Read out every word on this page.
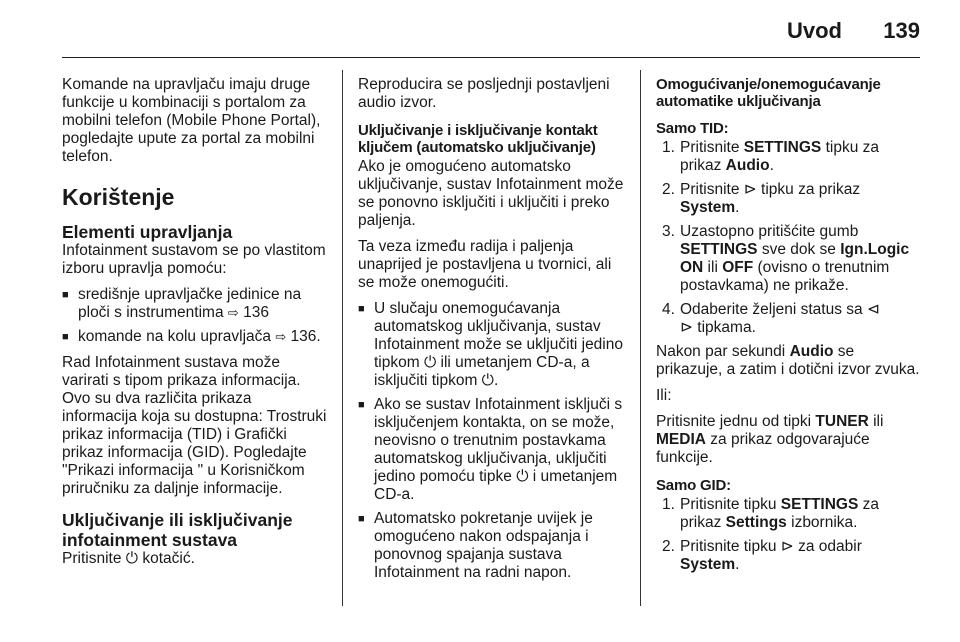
Uvod 139

Komande na upravljaču imaju druge funkcije u kombinaciji s portalom za mobilni telefon (Mobile Phone Portal), pogledajte upute za portal za mobilni telefon.

Korištenje
Elementi upravljanja

Infotainment sustavom se po vlastitom izboru upravlja pomoću:

■ središnje upravljačke jedinice na ploči s instrumentima ⇨ 136
■ komande na kolu upravljača ⇨ 136.

Rad Infotainment sustava može varirati s tipom prikaza informacija. Ovo su dva različita prikaza informacija koja su dostupna: Trostruki prikaz informacija (TID) i Grafički prikaz informacija (GID). Pogledajte "Prikazi informacija " u Korisničkom priručniku za daljnje informacije.

Uključivanje ili isključivanje infotainment sustava

Pritisnite ⏻ kotačić.

Reproducira se posljednji postavljeni audio izvor.

Uključivanje i isključivanje kontakt ključem (automatsko uključivanje)

Ako je omogućeno automatsko uključivanje, sustav Infotainment može se ponovno isključiti i uključiti i preko paljenja.

Ta veza između radija i paljenja unaprijed je postavljena u tvornici, ali se može onemogućiti.

■ U slučaju onemogućavanja automatskog uključivanja, sustav Infotainment može se uključiti jedino tipkom ⏻ ili umetanjem CD-a, a isključiti tipkom ⏻.
■ Ako se sustav Infotainment isključi s isključenjem kontakta, on se može, neovisno o trenutnim postavkama automatskog uključivanja, uključiti jedino pomoću tipke ⏻ i umetanjem CD-a.
■ Automatsko pokretanje uvijek je omogućeno nakon odspajanja i ponovnog spajanja sustava Infotainment na radni napon.
Omogućivanje/onemogućavanje automatike uključivanja
Samo TID:
1. Pritisnite SETTINGS tipku za prikaz Audio.
2. Pritisnite ⊳ tipku za prikaz System.
3. Uzastopno pritišćite gumb SETTINGS sve dok se Ign.Logic ON ili OFF (ovisno o trenutnim postavkama) ne prikaže.
4. Odaberite željeni status sa ⊲
⊳ tipkama.

Nakon par sekundi Audio se prikazuje, a zatim i dotični izvor zvuka.

Ili:

Pritisnite jednu od tipki TUNER ili MEDIA za prikaz odgovarajuće funkcije.

Samo GID:
1. Pritisnite tipku SETTINGS za prikaz Settings izbornika.
2. Pritisnite tipku ⊳ za odabir System.
